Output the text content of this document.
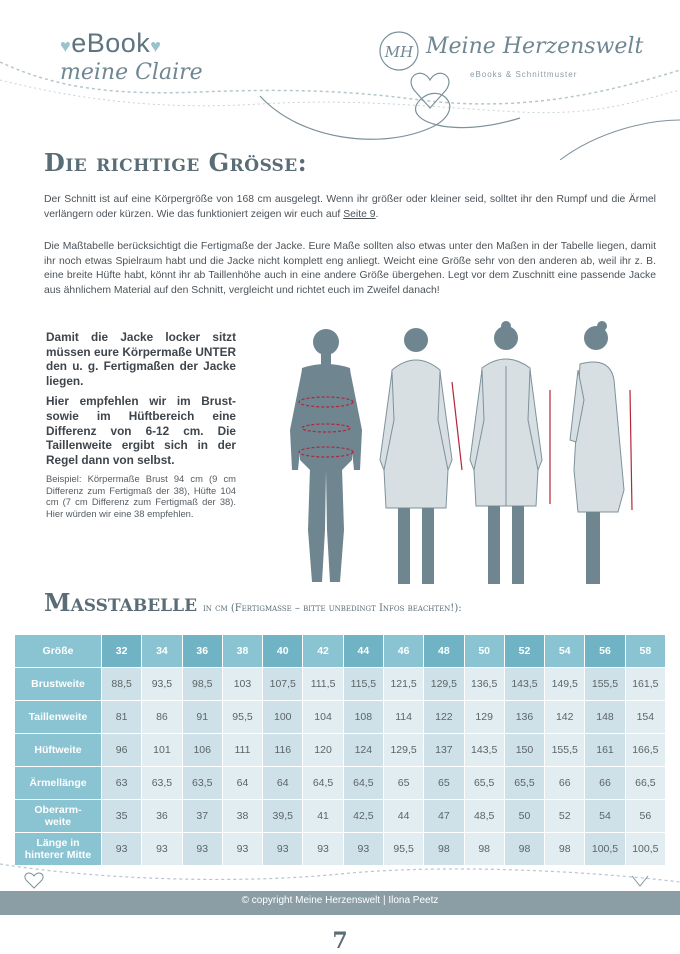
♥eBook♥
meine Claire
MH Meine Herzenswelt
eBooks & Schnittmuster
Die richtige Größe:
Der Schnitt ist auf eine Körpergröße von 168 cm ausgelegt. Wenn ihr größer oder kleiner seid, solltet ihr den Rumpf und die Ärmel verlängern oder kürzen. Wie das funktioniert zeigen wir euch auf Seite 9.
Die Maßtabelle berücksichtigt die Fertigmaße der Jacke. Eure Maße sollten also etwas unter den Maßen in der Tabelle liegen, damit ihr noch etwas Spielraum habt und die Jacke nicht komplett eng anliegt. Weicht eine Größe sehr von den anderen ab, weil ihr z. B. eine breite Hüfte habt, könnt ihr ab Taillenhöhe auch in eine andere Größe übergehen. Legt vor dem Zuschnitt eine passende Jacke aus ähnlichem Material auf den Schnitt, vergleicht und richtet euch im Zweifel danach!
Damit die Jacke locker sitzt müssen eure Körpermaße UNTER den u. g. Fertigmaßen der Jacke liegen.
Hier empfehlen wir im Brust- sowie im Hüftbereich eine Differenz von 6-12 cm. Die Taillenweite ergibt sich in der Regel dann von selbst.
Beispiel: Körpermaße Brust 94 cm (9 cm Differenz zum Fertigmaß der 38), Hüfte 104 cm (7 cm Differenz zum Fertigmaß der 38). Hier würden wir eine 38 empfehlen.
Maßtabelle in cm (Fertigmaße – bitte unbedingt Infos beachten!):
Größe	32	34	36	38	40	42	44	46	48	50	52	54	56	58
Brustweite	88,5	93,5	98,5	103	107,5	111,5	115,5	121,5	129,5	136,5	143,5	149,5	155,5	161,5
Taillenweite	81	86	91	95,5	100	104	108	114	122	129	136	142	148	154
Hüftweite	96	101	106	111	116	120	124	129,5	137	143,5	150	155,5	161	166,5
Ärmellänge	63	63,5	63,5	64	64	64,5	64,5	65	65	65,5	65,5	66	66	66,5
Oberarm-
weite	35	36	37	38	39,5	41	42,5	44	47	48,5	50	52	54	56
Länge in
hinterer Mitte	93	93	93	93	93	93	93	95,5	98	98	98	98	100,5	100,5
© copyright Meine Herzenswelt | Ilona Peetz
7
